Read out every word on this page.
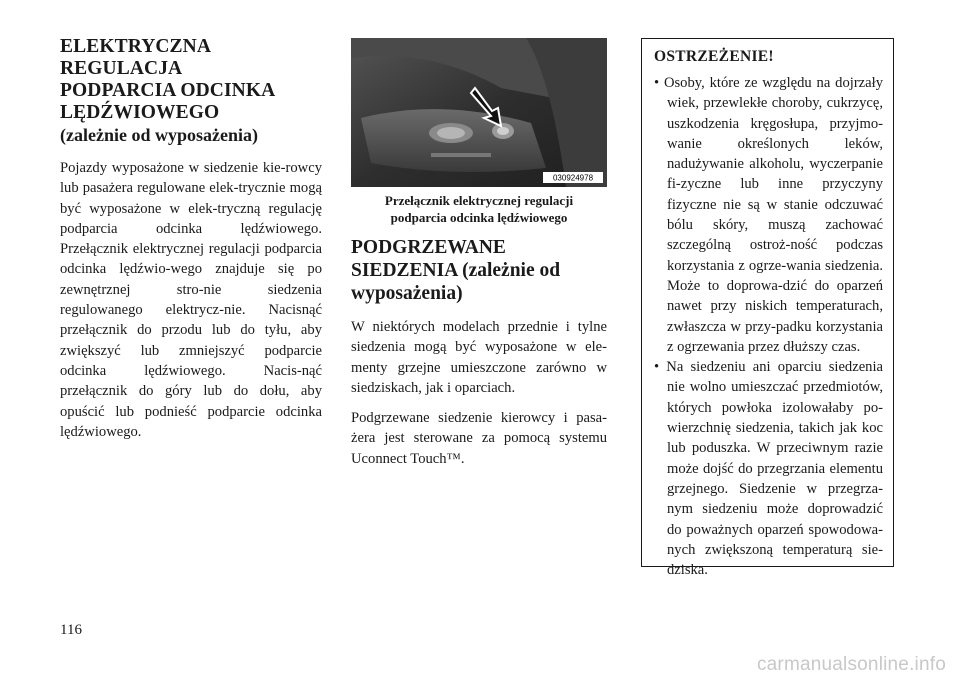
ELEKTRYCZNA
REGULACJA
PODPARCIA ODCINKA
LĘDŹWIOWEGO
(zależnie od wyposażenia)

Pojazdy wyposażone w siedzenie kie-rowcy lub pasażera regulowane elek-trycznie mogą być wyposażone w elek-tryczną regulację podparcia odcinka lędźwiowego. Przełącznik elektrycznej regulacji podparcia odcinka lędźwio-wego znajduje się po zewnętrznej stro-nie siedzenia regulowanego elektrycz-nie. Nacisnąć przełącznik do przodu lub do tyłu, aby zwiększyć lub zmniejszyć podparcie odcinka lędźwiowego. Nacis-nąć przełącznik do góry lub do dołu, aby opuścić lub podnieść podparcie odcinka lędźwiowego.

030924978
Przełącznik elektrycznej regulacji
podparcia odcinka lędźwiowego
PODGRZEWANE
SIEDZENIA (zależnie od
wyposażenia)

W niektórych modelach przednie i tylne siedzenia mogą być wyposażone w ele-menty grzejne umieszczone zarówno w siedziskach, jak i oparciach.

Podgrzewane siedzenie kierowcy i pasa-żera jest sterowane za pomocą systemu Uconnect Touch™.

OSTRZEŻENIE!
• Osoby, które ze względu na dojrzały wiek, przewlekłe choroby, cukrzycę, uszkodzenia kręgosłupa, przyjmo-wanie określonych leków, nadużywanie alkoholu, wyczerpanie fi-zyczne lub inne przyczyny fizyczne nie są w stanie odczuwać bólu skóry, muszą zachować szczególną ostroż-ność podczas korzystania z ogrze-wania siedzenia. Może to doprowa-dzić do oparzeń nawet przy niskich temperaturach, zwłaszcza w przy-padku korzystania z ogrzewania przez dłuższy czas.
• Na siedzeniu ani oparciu siedzenia nie wolno umieszczać przedmiotów, których powłoka izolowałaby po-wierzchnię siedzenia, takich jak koc lub poduszka. W przeciwnym razie może dojść do przegrzania elementu grzejnego. Siedzenie w przegrza-nym siedzeniu może doprowadzić do poważnych oparzeń spowodowa-nych zwiększoną temperaturą sie-dziska.
116
carmanualsonline.info
